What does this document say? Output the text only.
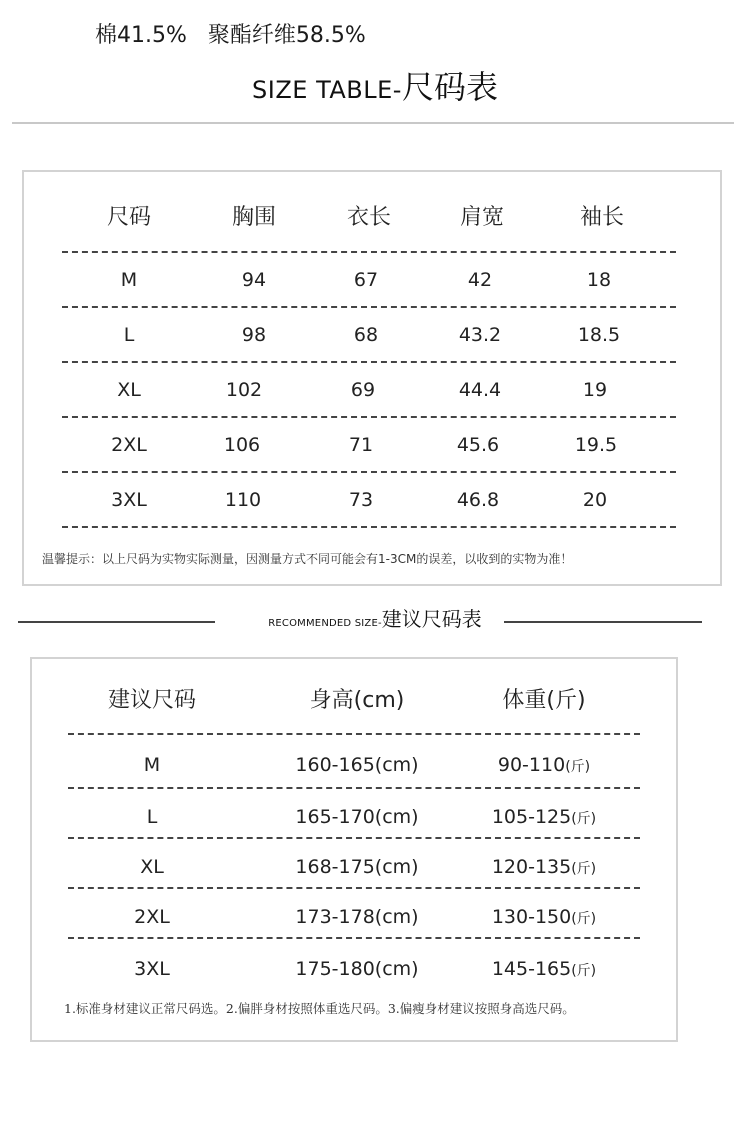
棉41.5%   聚酯纤维58.5%
SIZE TABLE-尺码表
尺码	胸围	衣长	肩宽	袖长
M	94	67	42	18
L	98	68	43.2	18.5
XL	102	69	44.4	19
2XL	106	71	45.6	19.5
3XL	110	73	46.8	20
温馨提示：以上尺码为实物实际测量，因测量方式不同可能会有1-3CM的误差，以收到的实物为准！
RECOMMENDED SIZE-建议尺码表
建议尺码	身高(cm)	体重(斤)
M	160-165(cm)	90-110(斤)
L	165-170(cm)	105-125(斤)
XL	168-175(cm)	120-135(斤)
2XL	173-178(cm)	130-150(斤)
3XL	175-180(cm)	145-165(斤)
1.标准身材建议正常尺码选。2.偏胖身材按照体重选尺码。3.偏瘦身材建议按照身高选尺码。
